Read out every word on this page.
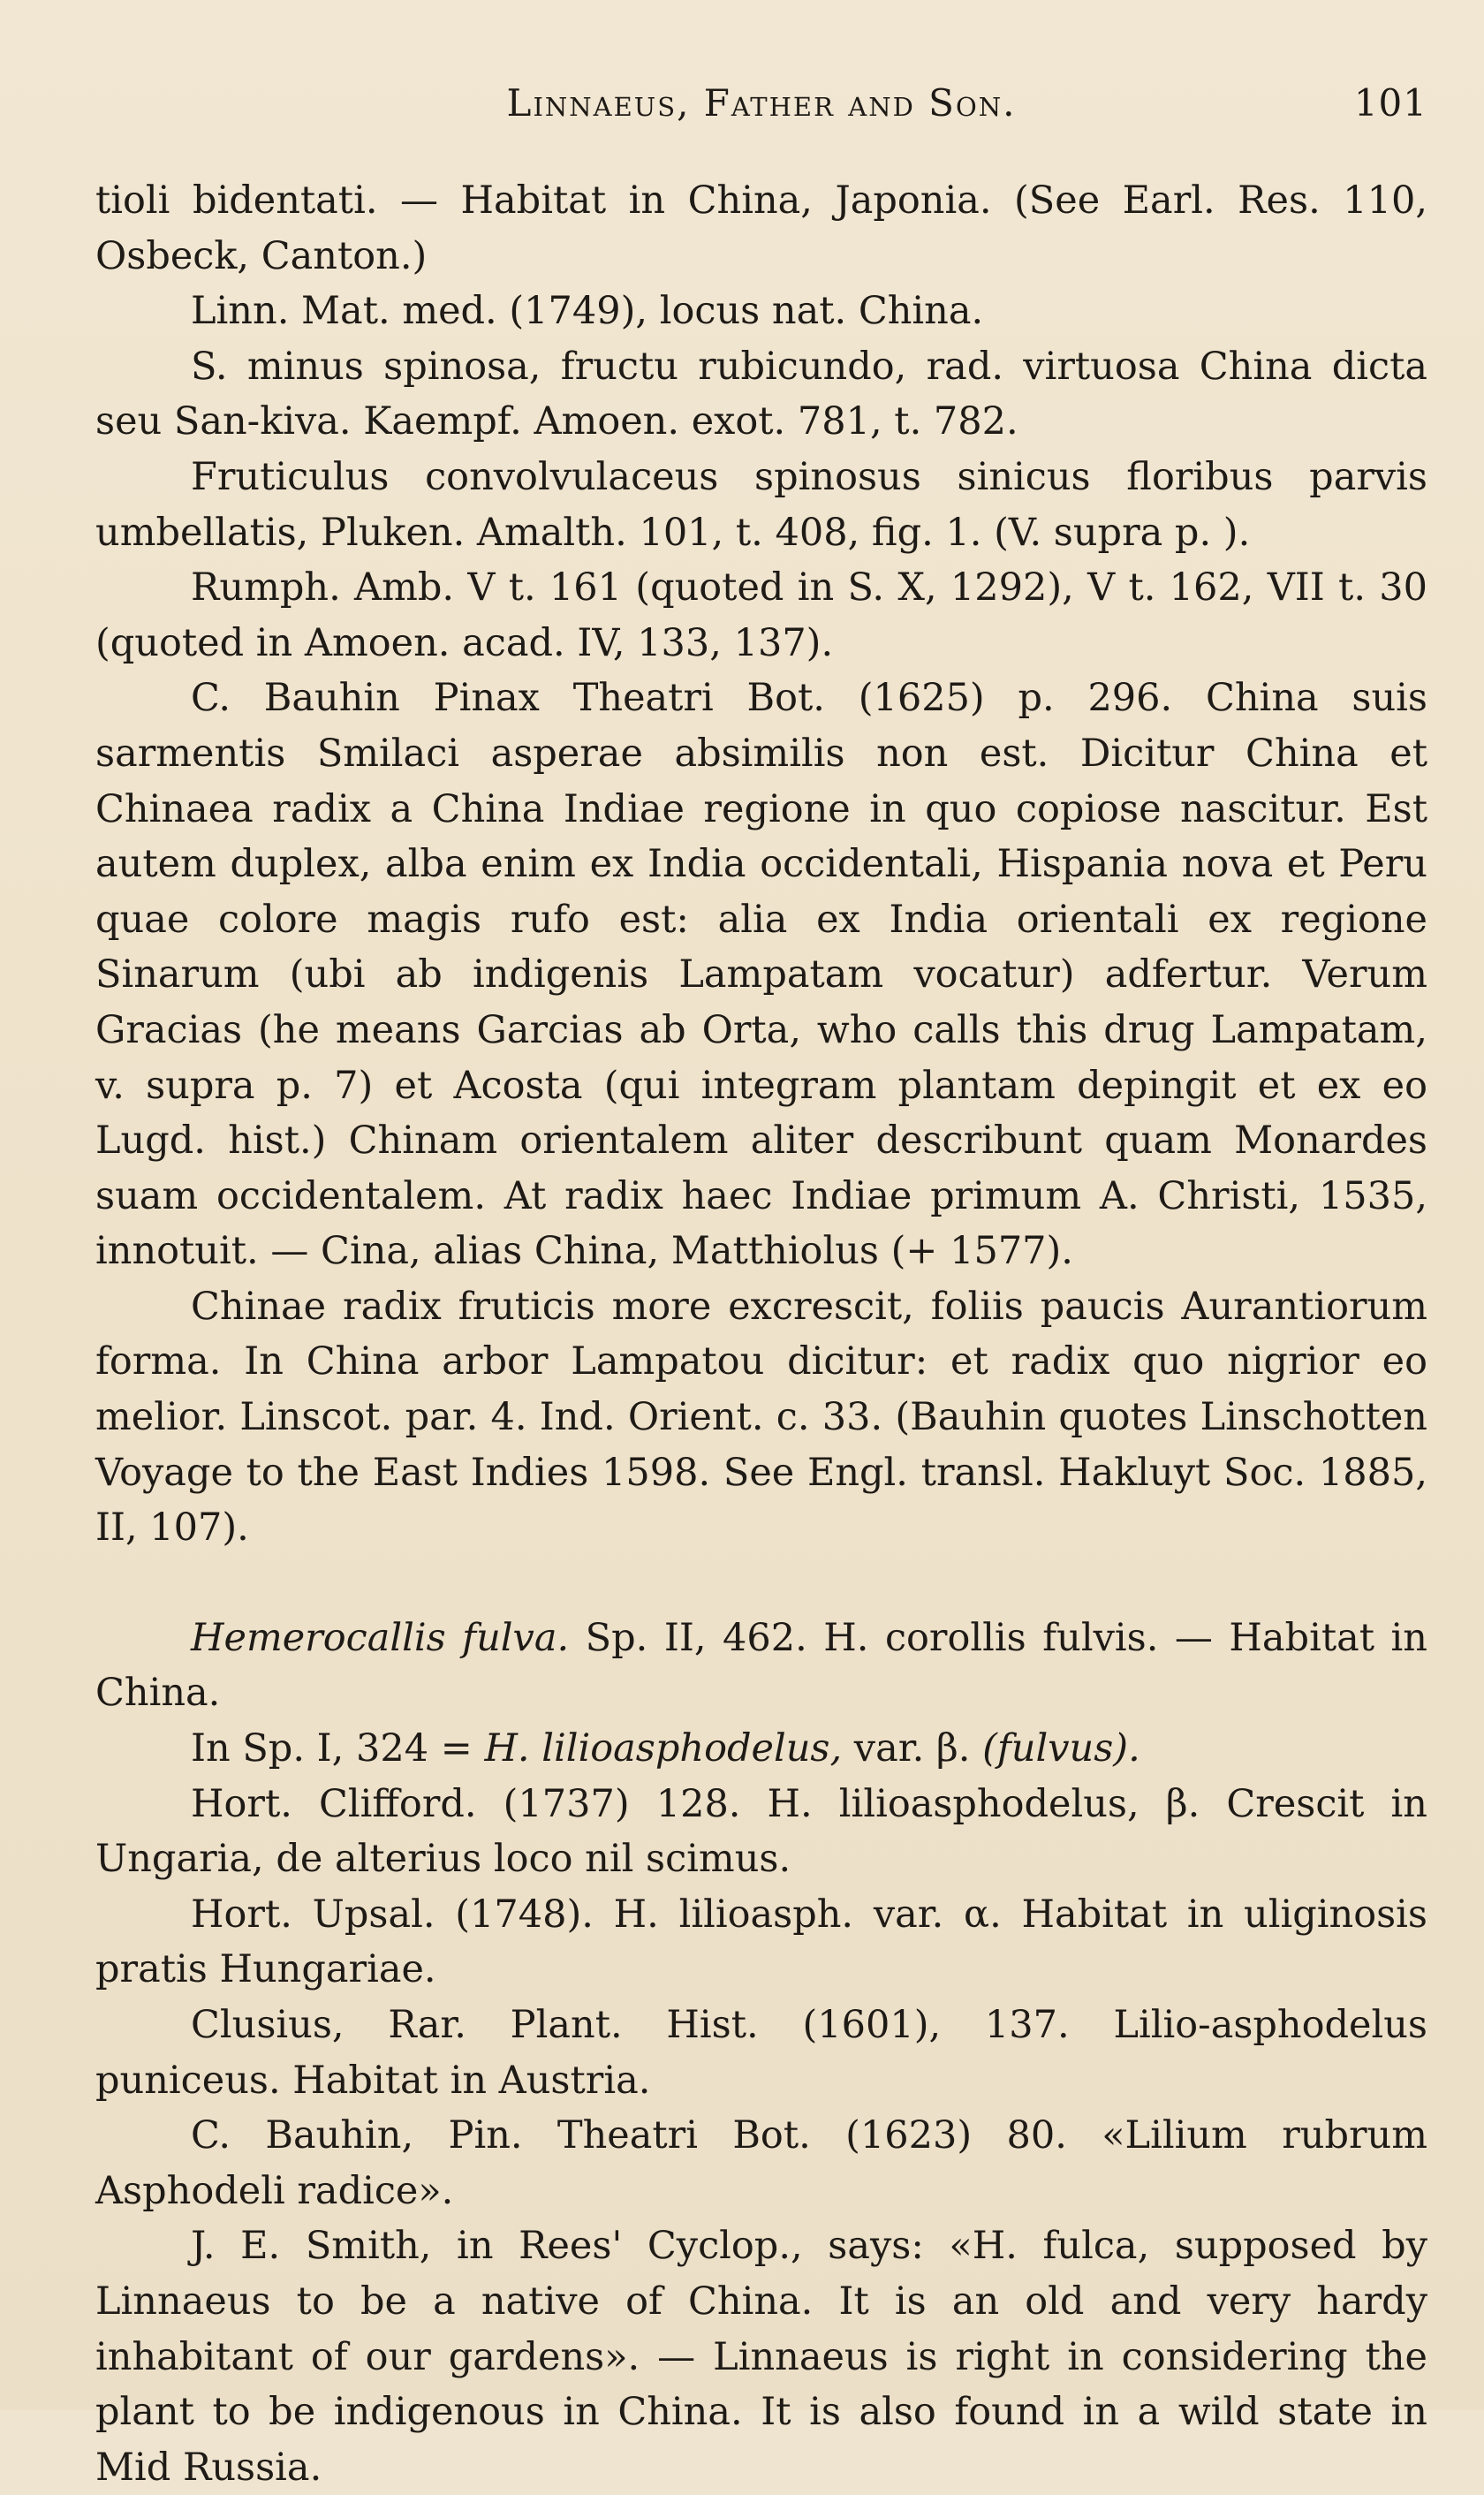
Linnaeus, Father and Son.	101

tioli bidentati. — Habitat in China, Japonia. (See Earl. Res. 110, Osbeck, Canton.)

Linn. Mat. med. (1749), locus nat. China.

S. minus spinosa, fructu rubicundo, rad. virtuosa China dicta seu San-kiva. Kaempf. Amoen. exot. 781, t. 782.

Fruticulus convolvulaceus spinosus sinicus floribus parvis umbellatis, Pluken. Amalth. 101, t. 408, fig. 1. (V. supra p. ).

Rumph. Amb. V t. 161 (quoted in S. X, 1292), V t. 162, VII t. 30 (quoted in Amoen. acad. IV, 133, 137).

C. Bauhin Pinax Theatri Bot. (1625) p. 296. China suis sarmentis Smilaci asperae absimilis non est. Dicitur China et Chinaea radix a China Indiae regione in quo copiose nascitur. Est autem duplex, alba enim ex India occidentali, Hispania nova et Peru quae colore magis rufo est: alia ex India orientali ex regione Sinarum (ubi ab indigenis Lampatam vocatur) adfertur. Verum Gracias (he means Garcias ab Orta, who calls this drug Lampatam, v. supra p. 7) et Acosta (qui integram plantam depingit et ex eo Lugd. hist.) Chinam orientalem aliter describunt quam Monardes suam occidentalem. At radix haec Indiae primum A. Christi, 1535, innotuit. — Cina, alias China, Matthiolus (+ 1577).

Chinae radix fruticis more excrescit, foliis paucis Aurantiorum forma. In China arbor Lampatou dicitur: et radix quo nigrior eo melior. Linscot. par. 4. Ind. Orient. c. 33. (Bauhin quotes Linschotten Voyage to the East Indies 1598. See Engl. transl. Hakluyt Soc. 1885, II, 107).

Hemerocallis fulva. Sp. II, 462. H. corollis fulvis. — Habitat in China.

In Sp. I, 324 = H. lilioasphodelus, var. β. (fulvus).

Hort. Clifford. (1737) 128. H. lilioasphodelus, β. Crescit in Ungaria, de alterius loco nil scimus.

Hort. Upsal. (1748). H. lilioasph. var. α. Habitat in uliginosis pratis Hungariae.

Clusius, Rar. Plant. Hist. (1601), 137. Lilio-asphodelus puniceus. Habitat in Austria.

C. Bauhin, Pin. Theatri Bot. (1623) 80. «Lilium rubrum Asphodeli radice».

J. E. Smith, in Rees' Cyclop., says: «H. fulca, supposed by Linnaeus to be a native of China. It is an old and very hardy inhabitant of our gardens». — Linnaeus is right in considering the plant to be indigenous in China. It is also found in a wild state in Mid Russia.
